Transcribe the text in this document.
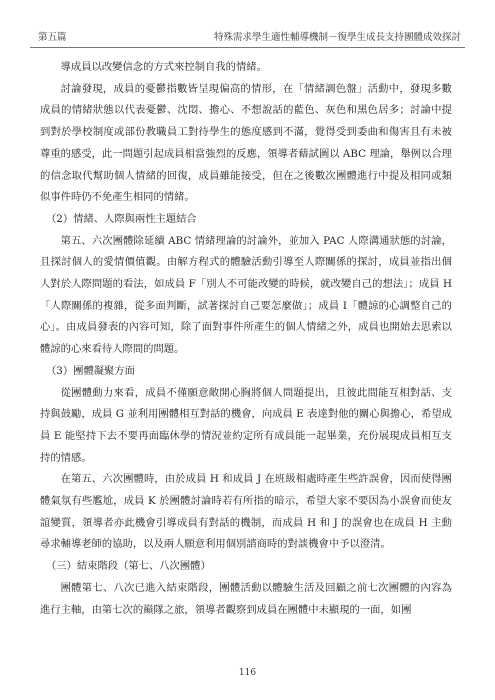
第五篇	特殊需求學生適性輔導機制－復學生成長支持團體成效探討

導成員以改變信念的方式來控制自我的情緒。

討論發現，成員的憂鬱指數皆呈現偏高的情形，在「情緒調色盤」活動中，發現多數成員的情緒狀態以代表憂鬱、沈悶、擔心、不想說話的藍色、灰色和黑色居多；討論中提到對於學校制度或部份教職員工對待學生的態度感到不滿，覺得受到委曲和傷害且有未被尊重的感受，此一問題引起成員相當強烈的反應，領導者藉試圖以 ABC 理論，舉例以合理的信念取代幫助個人情緒的回復，成員雖能接受，但在之後數次團體進行中提及相同或類似事件時仍不免產生相同的情緒。

（2）情緒、人際與兩性主題結合

第五、六次團體除延續 ABC 情緒理論的討論外，並加入 PAC 人際溝通狀態的討論，且探討個人的愛情價值觀。由解方程式的體驗活動引導至人際關係的探討，成員並指出個人對於人際問題的看法，如成員 F「別人不可能改變的時候，就改變自己的想法」；成員 H「人際關係的複雜，從多面判斷，試著探討自己要怎麼做」；成員 I「體諒的心調整自己的心」。由成員發表的內容可知，除了面對事件所產生的個人情緒之外，成員也開始去思索以體諒的心來看待人際間的問題。

（3）團體凝聚方面

從團體動力來看，成員不僅願意敞開心胸將個人問題提出，且彼此間能互相對話、支持與鼓勵，成員 G 並利用團體相互對話的機會，向成員 E 表達對他的關心與擔心，希望成員 E 能堅持下去不要再面臨休學的情況並約定所有成員能一起畢業，充份展現成員相互支持的情感。

在第五、六次團體時，由於成員 H 和成員 J 在班級相處時產生些許誤會，因而使得團體氣氛有些尷尬，成員 K 於團體討論時若有所指的暗示，希望大家不要因為小誤會而使友誼變質，領導者亦此機會引導成員有對話的機制，而成員 H 和 J 的誤會也在成員 H 主動尋求輔導老師的協助，以及兩人願意利用個別諮商時的對談機會中予以澄清。

（三）結束階段（第七、八次團體）

團體第七、八次已進入結束階段，團體活動以體驗生活及回顧之前七次團體的內容為進行主軸，由第七次的巔隊之旅，領導者觀察到成員在團體中未顯現的一面，如團

116
